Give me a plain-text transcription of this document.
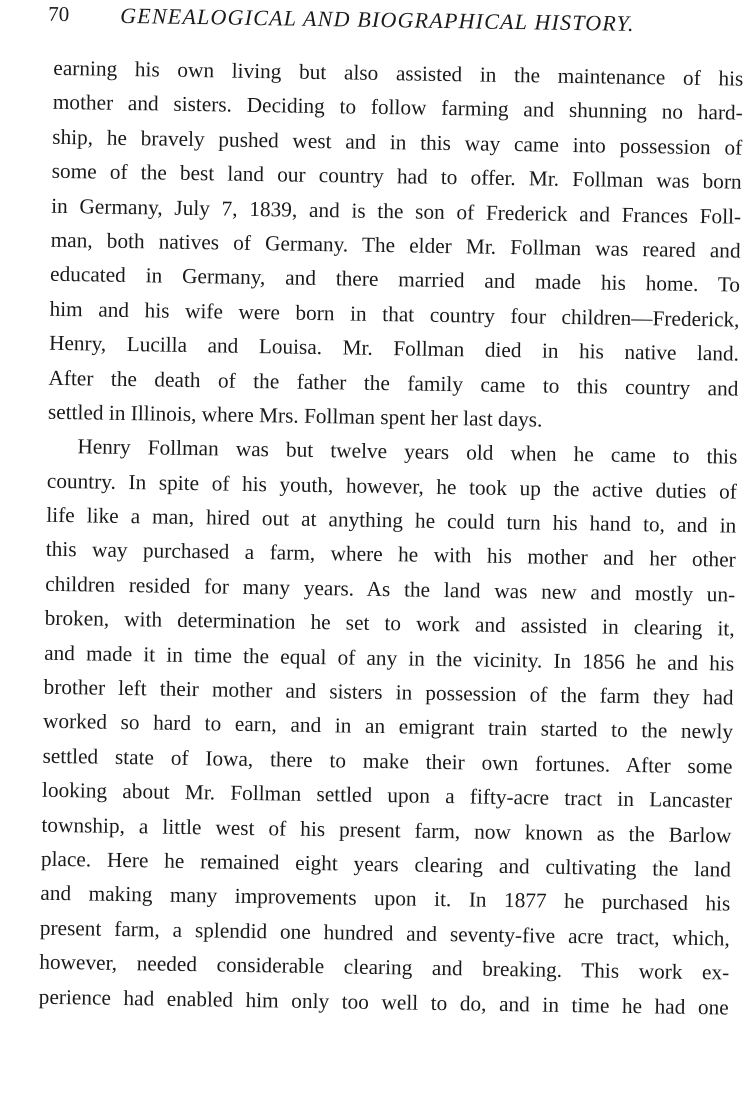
70 GENEALOGICAL AND BIOGRAPHICAL HISTORY.
earning his own living but also assisted in the maintenance of his
mother and sisters. Deciding to follow farming and shunning no hard-
ship, he bravely pushed west and in this way came into possession of
some of the best land our country had to offer. Mr. Follman was born
in Germany, July 7, 1839, and is the son of Frederick and Frances Foll-
man, both natives of Germany. The elder Mr. Follman was reared and
educated in Germany, and there married and made his home. To
him and his wife were born in that country four children—Frederick,
Henry, Lucilla and Louisa. Mr. Follman died in his native land.
After the death of the father the family came to this country and
settled in Illinois, where Mrs. Follman spent her last days.
Henry Follman was but twelve years old when he came to this
country. In spite of his youth, however, he took up the active duties of
life like a man, hired out at anything he could turn his hand to, and in
this way purchased a farm, where he with his mother and her other
children resided for many years. As the land was new and mostly un-
broken, with determination he set to work and assisted in clearing it,
and made it in time the equal of any in the vicinity. In 1856 he and his
brother left their mother and sisters in possession of the farm they had
worked so hard to earn, and in an emigrant train started to the newly
settled state of Iowa, there to make their own fortunes. After some
looking about Mr. Follman settled upon a fifty-acre tract in Lancaster
township, a little west of his present farm, now known as the Barlow
place. Here he remained eight years clearing and cultivating the land
and making many improvements upon it. In 1877 he purchased his
present farm, a splendid one hundred and seventy-five acre tract, which,
however, needed considerable clearing and breaking. This work ex-
perience had enabled him only too well to do, and in time he had one
